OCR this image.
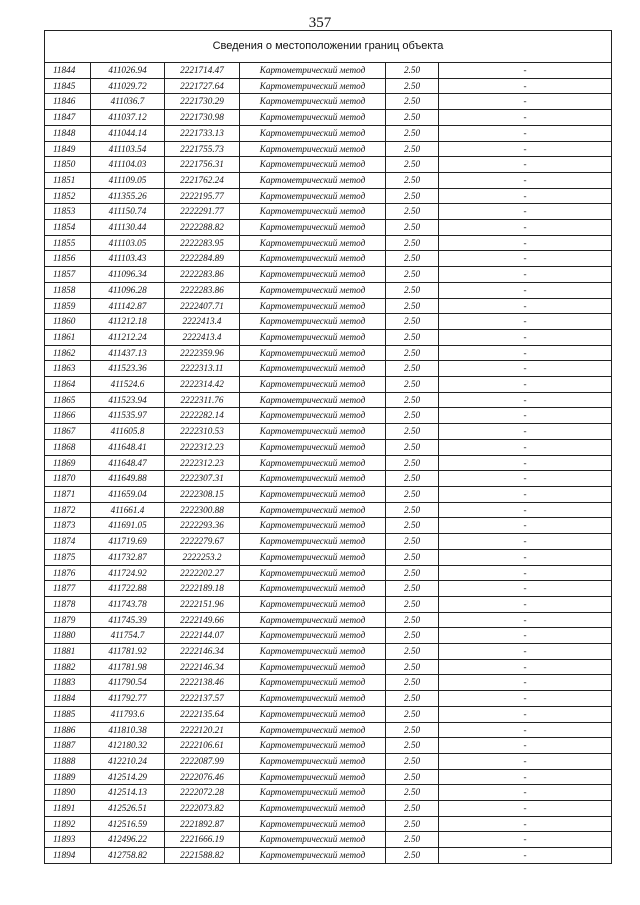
357
Сведения о местоположении границ объекта					
11844	411026.94	2221714.47	Картометрический метод	2.50	-
11845	411029.72	2221727.64	Картометрический метод	2.50	-
11846	411036.7	2221730.29	Картометрический метод	2.50	-
11847	411037.12	2221730.98	Картометрический метод	2.50	-
11848	411044.14	2221733.13	Картометрический метод	2.50	-
11849	411103.54	2221755.73	Картометрический метод	2.50	-
11850	411104.03	2221756.31	Картометрический метод	2.50	-
11851	411109.05	2221762.24	Картометрический метод	2.50	-
11852	411355.26	2222195.77	Картометрический метод	2.50	-
11853	411150.74	2222291.77	Картометрический метод	2.50	-
11854	411130.44	2222288.82	Картометрический метод	2.50	-
11855	411103.05	2222283.95	Картометрический метод	2.50	-
11856	411103.43	2222284.89	Картометрический метод	2.50	-
11857	411096.34	2222283.86	Картометрический метод	2.50	-
11858	411096.28	2222283.86	Картометрический метод	2.50	-
11859	411142.87	2222407.71	Картометрический метод	2.50	-
11860	411212.18	2222413.4	Картометрический метод	2.50	-
11861	411212.24	2222413.4	Картометрический метод	2.50	-
11862	411437.13	2222359.96	Картометрический метод	2.50	-
11863	411523.36	2222313.11	Картометрический метод	2.50	-
11864	411524.6	2222314.42	Картометрический метод	2.50	-
11865	411523.94	2222311.76	Картометрический метод	2.50	-
11866	411535.97	2222282.14	Картометрический метод	2.50	-
11867	411605.8	2222310.53	Картометрический метод	2.50	-
11868	411648.41	2222312.23	Картометрический метод	2.50	-
11869	411648.47	2222312.23	Картометрический метод	2.50	-
11870	411649.88	2222307.31	Картометрический метод	2.50	-
11871	411659.04	2222308.15	Картометрический метод	2.50	-
11872	411661.4	2222300.88	Картометрический метод	2.50	-
11873	411691.05	2222293.36	Картометрический метод	2.50	-
11874	411719.69	2222279.67	Картометрический метод	2.50	-
11875	411732.87	2222253.2	Картометрический метод	2.50	-
11876	411724.92	2222202.27	Картометрический метод	2.50	-
11877	411722.88	2222189.18	Картометрический метод	2.50	-
11878	411743.78	2222151.96	Картометрический метод	2.50	-
11879	411745.39	2222149.66	Картометрический метод	2.50	-
11880	411754.7	2222144.07	Картометрический метод	2.50	-
11881	411781.92	2222146.34	Картометрический метод	2.50	-
11882	411781.98	2222146.34	Картометрический метод	2.50	-
11883	411790.54	2222138.46	Картометрический метод	2.50	-
11884	411792.77	2222137.57	Картометрический метод	2.50	-
11885	411793.6	2222135.64	Картометрический метод	2.50	-
11886	411810.38	2222120.21	Картометрический метод	2.50	-
11887	412180.32	2222106.61	Картометрический метод	2.50	-
11888	412210.24	2222087.99	Картометрический метод	2.50	-
11889	412514.29	2222076.46	Картометрический метод	2.50	-
11890	412514.13	2222072.28	Картометрический метод	2.50	-
11891	412526.51	2222073.82	Картометрический метод	2.50	-
11892	412516.59	2221892.87	Картометрический метод	2.50	-
11893	412496.22	2221666.19	Картометрический метод	2.50	-
11894	412758.82	2221588.82	Картометрический метод	2.50	-
